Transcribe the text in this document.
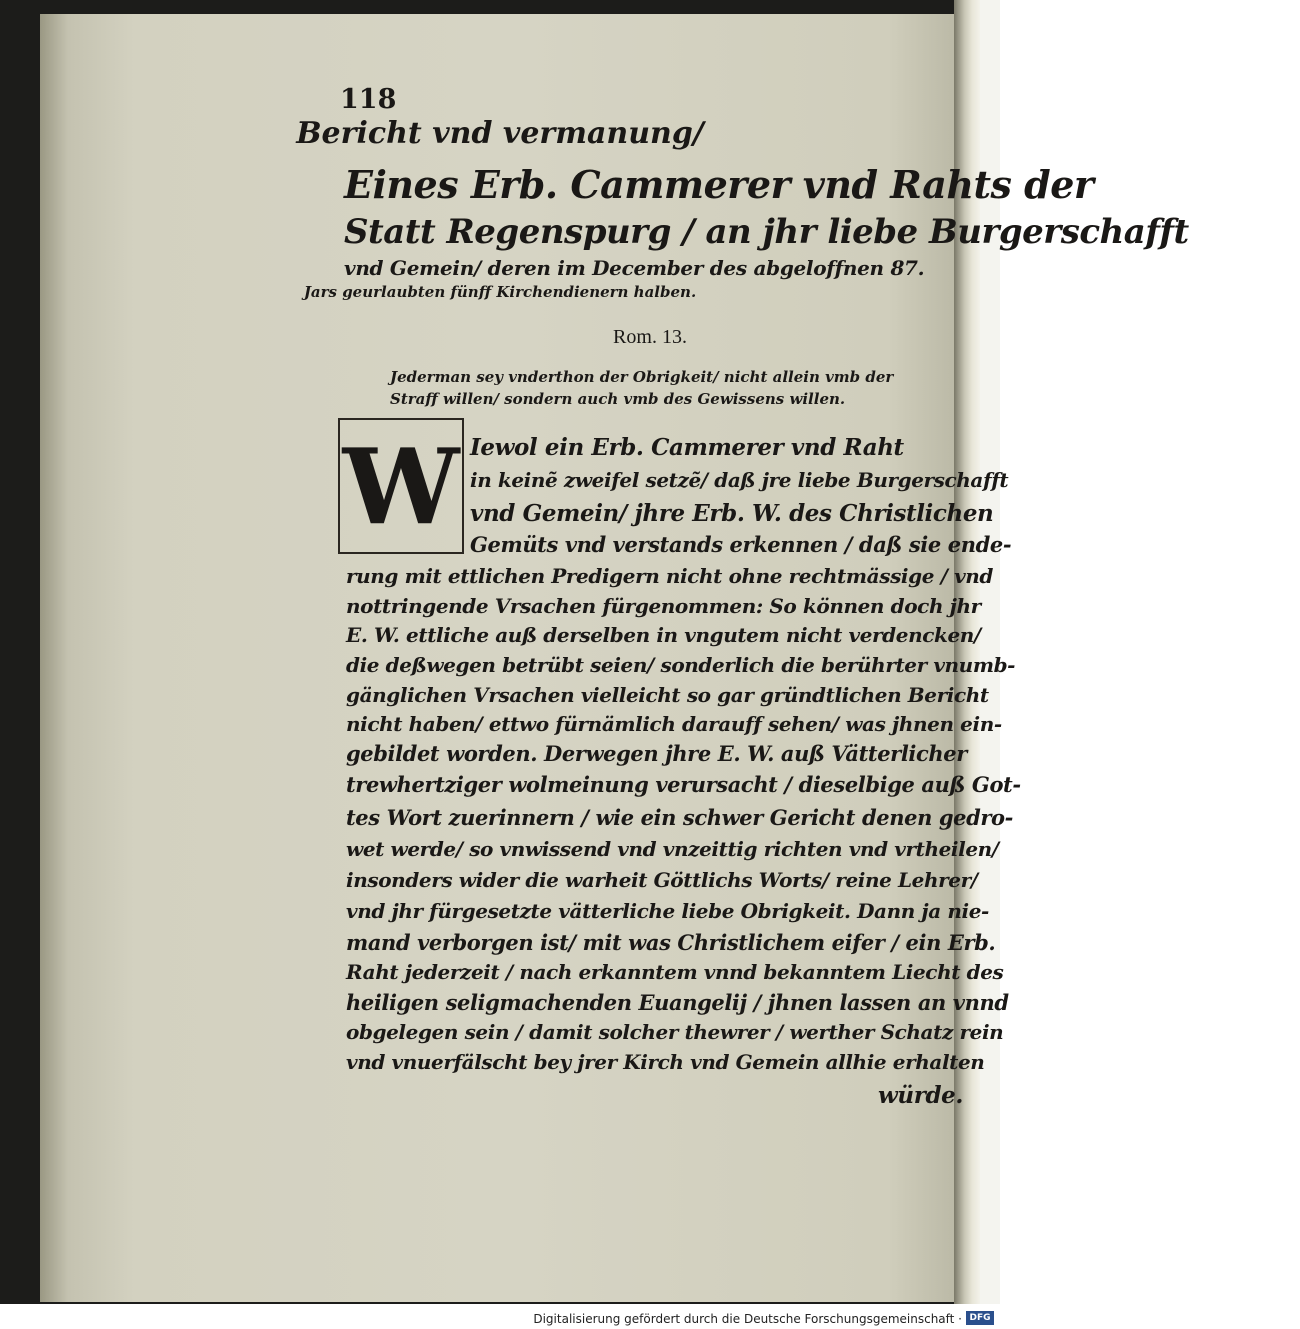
118
Bericht vnd vermanung/
Eines Erb. Cammerer vnd Rahts der
Statt Regenspurg / an jhr liebe Burgerschafft
vnd Gemein/ deren im December des abgeloffnen 87.
Jars geurlaubten fünff Kirchendienern halben.
Rom. 13.
Jederman sey vnderthon der Obrigkeit/ nicht allein vmb der
Straff willen/ sondern auch vmb des Gewissens willen.
W Iewol ein Erb. Cammerer vnd Raht
in keinẽ zweifel setzẽ/ daß jre liebe Burgerschafft
vnd Gemein/ jhre Erb. W. des Christlichen
Gemüts vnd verstands erkennen / daß sie ende-
rung mit ettlichen Predigern nicht ohne rechtmässige / vnd
nottringende Vrsachen fürgenommen: So können doch jhr
E. W. ettliche auß derselben in vngutem nicht verdencken/
die deßwegen betrübt seien/ sonderlich die berührter vnumb-
gänglichen Vrsachen vielleicht so gar gründtlichen Bericht
nicht haben/ ettwo fürnämlich darauff sehen/ was jhnen ein-
gebildet worden. Derwegen jhre E. W. auß Vätterlicher
trewhertziger wolmeinung verursacht / dieselbige auß Got-
tes Wort zuerinnern / wie ein schwer Gericht denen gedro-
wet werde/ so vnwissend vnd vnzeittig richten vnd vrtheilen/
insonders wider die warheit Göttlichs Worts/ reine Lehrer/
vnd jhr fürgesetzte vätterliche liebe Obrigkeit. Dann ja nie-
mand verborgen ist/ mit was Christlichem eifer / ein Erb.
Raht jederzeit / nach erkanntem vnnd bekanntem Liecht des
heiligen seligmachenden Euangelij / jhnen lassen an vnnd
obgelegen sein / damit solcher thewrer / werther Schatz rein
vnd vnuerfälscht bey jrer Kirch vnd Gemein allhie erhalten
würde.
Digitalisierung gefördert durch die Deutsche Forschungsgemeinschaft · DFG
